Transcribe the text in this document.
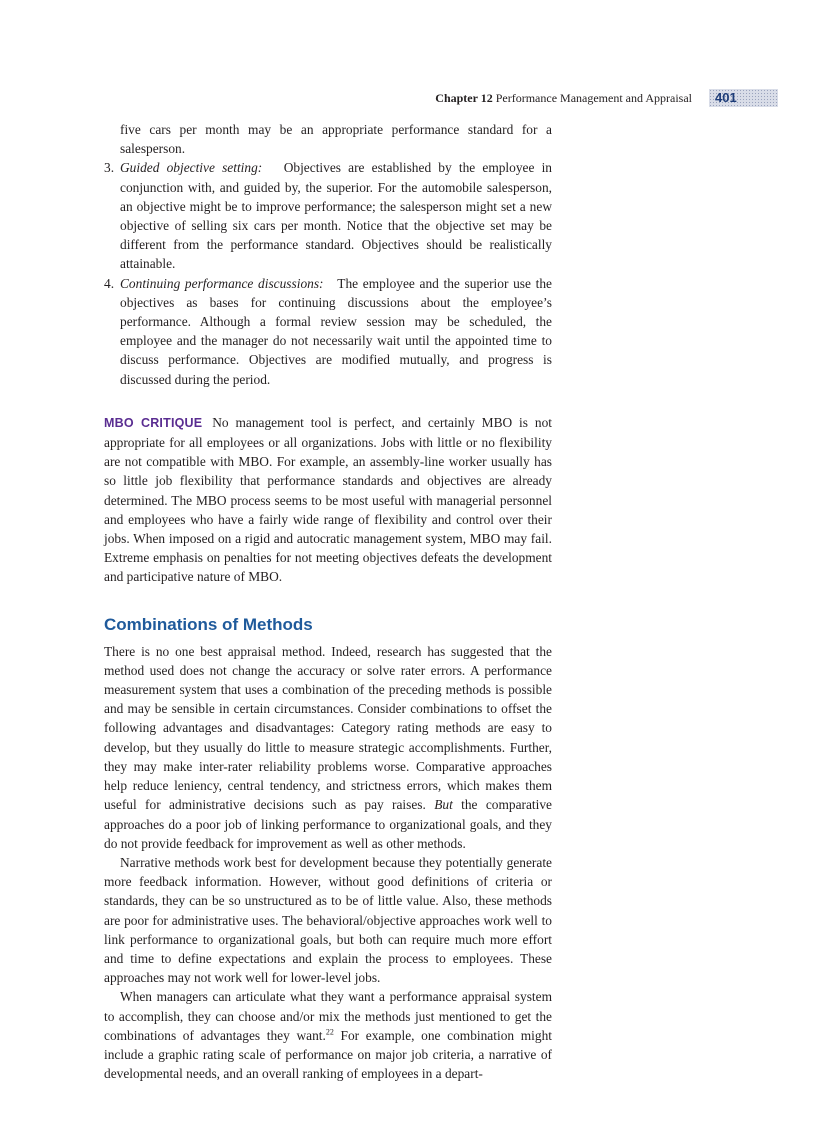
Chapter 12 Performance Management and Appraisal 401

five cars per month may be an appropriate performance standard for a salesperson.

3. Guided objective setting: Objectives are established by the employee in conjunction with, and guided by, the superior. For the automobile salesperson, an objective might be to improve performance; the salesperson might set a new objective of selling six cars per month. Notice that the objective set may be different from the performance standard. Objectives should be realistically attainable.
4. Continuing performance discussions: The employee and the superior use the objectives as bases for continuing discussions about the employee’s performance. Although a formal review session may be scheduled, the employee and the manager do not necessarily wait until the appointed time to discuss performance. Objectives are modified mutually, and progress is discussed during the period.

MBO CRITIQUE No management tool is perfect, and certainly MBO is not appropriate for all employees or all organizations. Jobs with little or no flexibility are not compatible with MBO. For example, an assembly-line worker usually has so little job flexibility that performance standards and objectives are already determined. The MBO process seems to be most useful with managerial personnel and employees who have a fairly wide range of flexibility and control over their jobs. When imposed on a rigid and autocratic management system, MBO may fail. Extreme emphasis on penalties for not meeting objectives defeats the development and participative nature of MBO.

Combinations of Methods

There is no one best appraisal method. Indeed, research has suggested that the method used does not change the accuracy or solve rater errors. A performance measurement system that uses a combination of the preceding methods is possible and may be sensible in certain circumstances. Consider combinations to offset the following advantages and disadvantages: Category rating methods are easy to develop, but they usually do little to measure strategic accomplishments. Further, they may make inter-rater reliability problems worse. Comparative approaches help reduce leniency, central tendency, and strictness errors, which makes them useful for administrative decisions such as pay raises. But the comparative approaches do a poor job of linking performance to organizational goals, and they do not provide feedback for improvement as well as other methods.

Narrative methods work best for development because they potentially generate more feedback information. However, without good definitions of criteria or standards, they can be so unstructured as to be of little value. Also, these methods are poor for administrative uses. The behavioral/objective approaches work well to link performance to organizational goals, but both can require much more effort and time to define expectations and explain the process to employees. These approaches may not work well for lower-level jobs.

When managers can articulate what they want a performance appraisal system to accomplish, they can choose and/or mix the methods just mentioned to get the combinations of advantages they want.$^{22}$ For example, one combination might include a graphic rating scale of performance on major job criteria, a narrative of developmental needs, and an overall ranking of employees in a depart-
